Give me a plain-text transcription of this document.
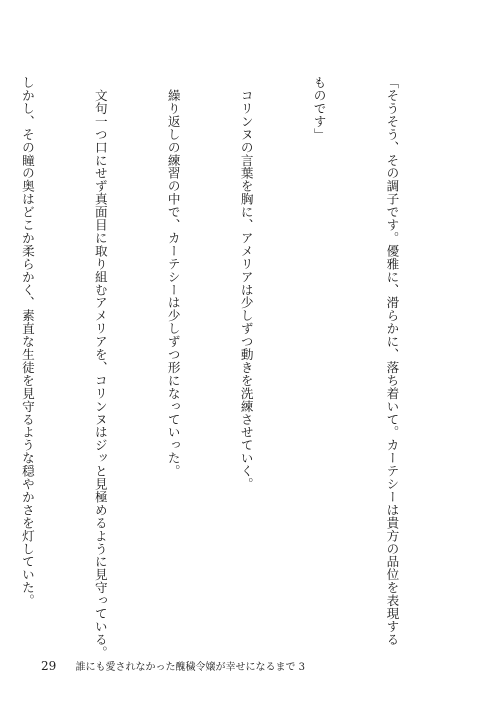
「そうそう、その調子です。優雅に、滑らかに、落ち着いて。カーテシーは貴方の品位を表現する

ものです」

　コリンヌの言葉を胸に、アメリアは少しずつ動きを洗練させていく。

　繰り返しの練習の中で、カーテシーは少しずつ形になっていった。

　文句一つ口にせず真面目に取り組むアメリアを、コリンヌはジッと見極めるように見守っている。

しかし、その瞳の奥はどこか柔らかく、素直な生徒を見守るような穏やかさを灯していた。

29 誰にも愛されなかった醜穢令嬢が幸せになるまで 3
